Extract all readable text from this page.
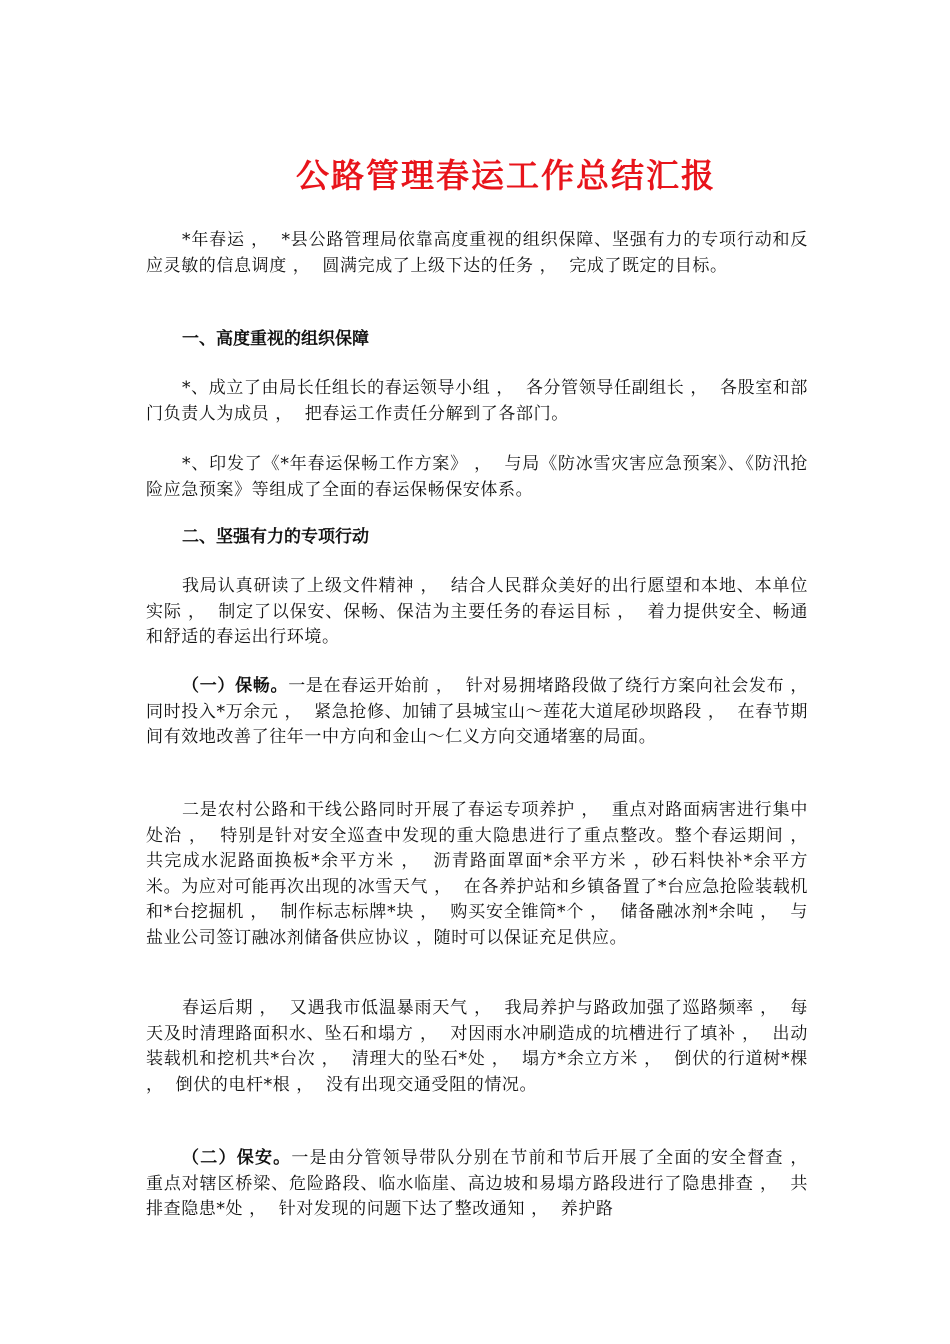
公路管理春运工作总结汇报

*年春运 ，  *县公路管理局依靠高度重视的组织保障、坚强有力的专项行动和反应灵敏的信息调度 ，  圆满完成了上级下达的任务 ，  完成了既定的目标。

一、高度重视的组织保障

*、成立了由局长任组长的春运领导小组 ，  各分管领导任副组长 ，  各股室和部门负责人为成员 ，  把春运工作责任分解到了各部门。

*、印发了《*年春运保畅工作方案》 ，  与局《防冰雪灾害应急预案》、《防汛抢险应急预案》等组成了全面的春运保畅保安体系。

二、坚强有力的专项行动

我局认真研读了上级文件精神 ，  结合人民群众美好的出行愿望和本地、本单位实际 ，  制定了以保安、保畅、保洁为主要任务的春运目标 ，  着力提供安全、畅通和舒适的春运出行环境。

（一）保畅。一是在春运开始前 ，  针对易拥堵路段做了绕行方案向社会发布 ，  同时投入*万余元 ，  紧急抢修、加铺了县城宝山～莲花大道尾砂坝路段 ，  在春节期间有效地改善了往年一中方向和金山～仁义方向交通堵塞的局面。

二是农村公路和干线公路同时开展了春运专项养护 ，  重点对路面病害进行集中处治 ，  特别是针对安全巡查中发现的重大隐患进行了重点整改。整个春运期间 ，  共完成水泥路面换板*余平方米 ，  沥青路面罩面*余平方米 ，砂石料快补*余平方米。为应对可能再次出现的冰雪天气 ，  在各养护站和乡镇备置了*台应急抢险装载机和*台挖掘机 ，  制作标志标牌*块 ，  购买安全锥筒*个 ，  储备融冰剂*余吨 ，  与盐业公司签订融冰剂储备供应协议 ，随时可以保证充足供应。

春运后期 ，  又遇我市低温暴雨天气 ，  我局养护与路政加强了巡路频率 ，  每天及时清理路面积水、坠石和塌方 ，  对因雨水冲刷造成的坑槽进行了填补 ，  出动装载机和挖机共*台次 ，  清理大的坠石*处 ，  塌方*余立方米 ，  倒伏的行道树*棵 ，  倒伏的电杆*根 ，  没有出现交通受阻的情况。

（二）保安。一是由分管领导带队分别在节前和节后开展了全面的安全督查 ，  重点对辖区桥梁、危险路段、临水临崖、高边坡和易塌方路段进行了隐患排查 ，  共排查隐患*处 ，  针对发现的问题下达了整改通知 ，  养护路
